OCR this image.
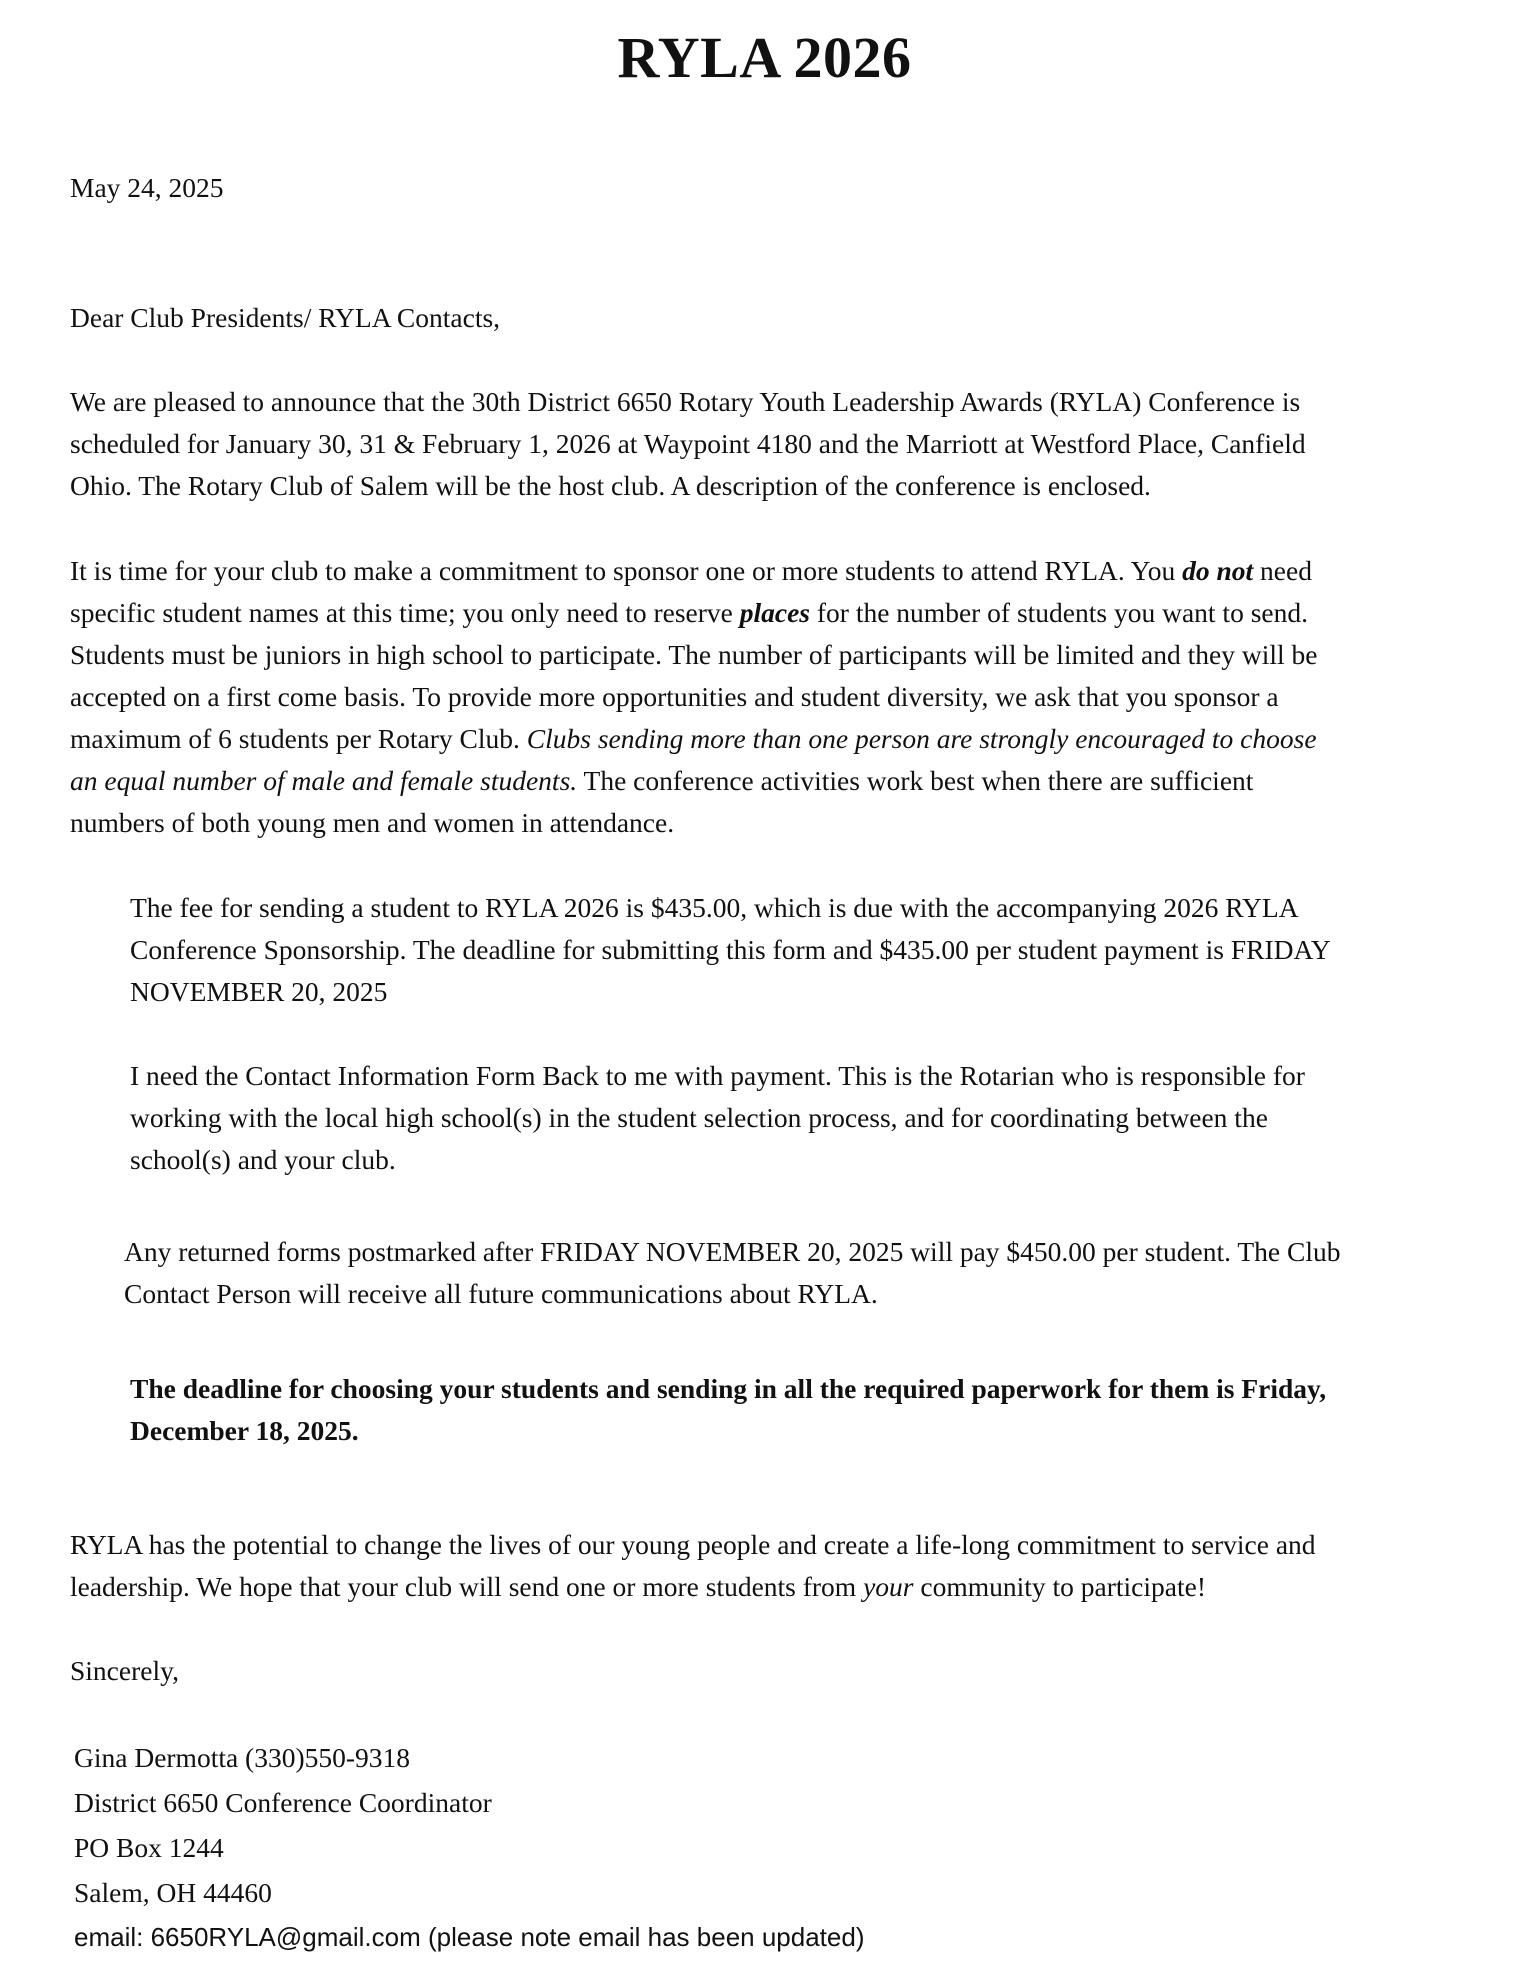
RYLA 2026
May 24, 2025
Dear Club Presidents/ RYLA Contacts,
We are pleased to announce that the 30th District 6650 Rotary Youth Leadership Awards (RYLA) Conference is
scheduled for January 30, 31 & February 1, 2026 at Waypoint 4180 and the Marriott at Westford Place, Canfield
Ohio. The Rotary Club of Salem will be the host club. A description of the conference is enclosed.
It is time for your club to make a commitment to sponsor one or more students to attend RYLA. You do not need
specific student names at this time; you only need to reserve places for the number of students you want to send.
Students must be juniors in high school to participate. The number of participants will be limited and they will be
accepted on a first come basis. To provide more opportunities and student diversity, we ask that you sponsor a
maximum of 6 students per Rotary Club. Clubs sending more than one person are strongly encouraged to choose
an equal number of male and female students. The conference activities work best when there are sufficient
numbers of both young men and women in attendance.
The fee for sending a student to RYLA 2026 is $435.00, which is due with the accompanying 2026 RYLA
Conference Sponsorship. The deadline for submitting this form and $435.00 per student payment is FRIDAY
NOVEMBER 20, 2025
I need the Contact Information Form Back to me with payment. This is the Rotarian who is responsible for
working with the local high school(s) in the student selection process, and for coordinating between the
school(s) and your club.
Any returned forms postmarked after FRIDAY NOVEMBER 20, 2025 will pay $450.00 per student. The Club
Contact Person will receive all future communications about RYLA.
The deadline for choosing your students and sending in all the required paperwork for them is Friday,
December 18, 2025.
RYLA has the potential to change the lives of our young people and create a life-long commitment to service and
leadership. We hope that your club will send one or more students from your community to participate!
Sincerely,
Gina Dermotta (330)550-9318
District 6650 Conference Coordinator
PO Box 1244
Salem, OH 44460
email: 6650RYLA@gmail.com (please note email has been updated)
